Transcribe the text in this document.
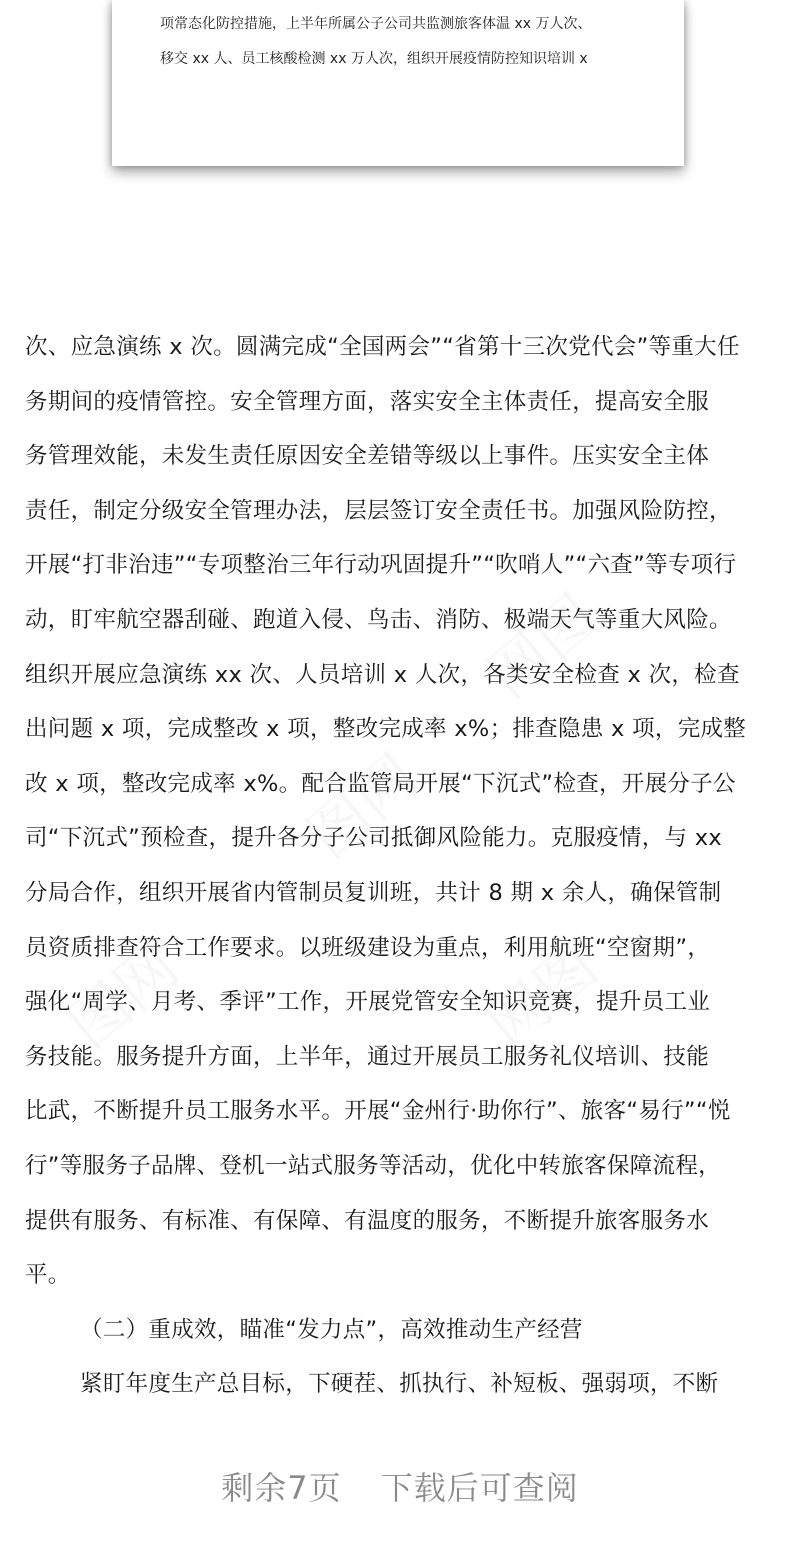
项常态化防控措施，上半年所属公子公司共监测旅客体温 xx 万人次、
移交 xx 人、员工核酸检测 xx 万人次，组织开展疫情防控知识培训 x
次、应急演练 x 次。圆满完成“全国两会”“省第十三次党代会”等重大任
务期间的疫情管控。安全管理方面，落实安全主体责任，提高安全服
务管理效能，未发生责任原因安全差错等级以上事件。压实安全主体
责任，制定分级安全管理办法，层层签订安全责任书。加强风险防控，
开展“打非治违”“专项整治三年行动巩固提升”“吹哨人”“六查”等专项行
动，盯牢航空器刮碰、跑道入侵、鸟击、消防、极端天气等重大风险。
组织开展应急演练 xx 次、人员培训 x 人次，各类安全检查 x 次，检查
出问题 x 项，完成整改 x 项，整改完成率 x%；排查隐患 x 项，完成整
改 x 项，整改完成率 x%。配合监管局开展“下沉式”检查，开展分子公
司“下沉式”预检查，提升各分子公司抵御风险能力。克服疫情，与 xx
分局合作，组织开展省内管制员复训班，共计 8 期 x 余人，确保管制
员资质排查符合工作要求。以班级建设为重点，利用航班“空窗期”，
强化“周学、月考、季评”工作，开展党管安全知识竞赛，提升员工业
务技能。服务提升方面，上半年，通过开展员工服务礼仪培训、技能
比武，不断提升员工服务水平。开展“金州行·助你行”、旅客“易行”“悦
行”等服务子品牌、登机一站式服务等活动，优化中转旅客保障流程，
提供有服务、有标准、有保障、有温度的服务，不断提升旅客服务水
平。
（二）重成效，瞄准“发力点”，高效推动生产经营
紧盯年度生产总目标，下硬茬、抓执行、补短板、强弱项，不断
剩余7页 下载后可查阅
